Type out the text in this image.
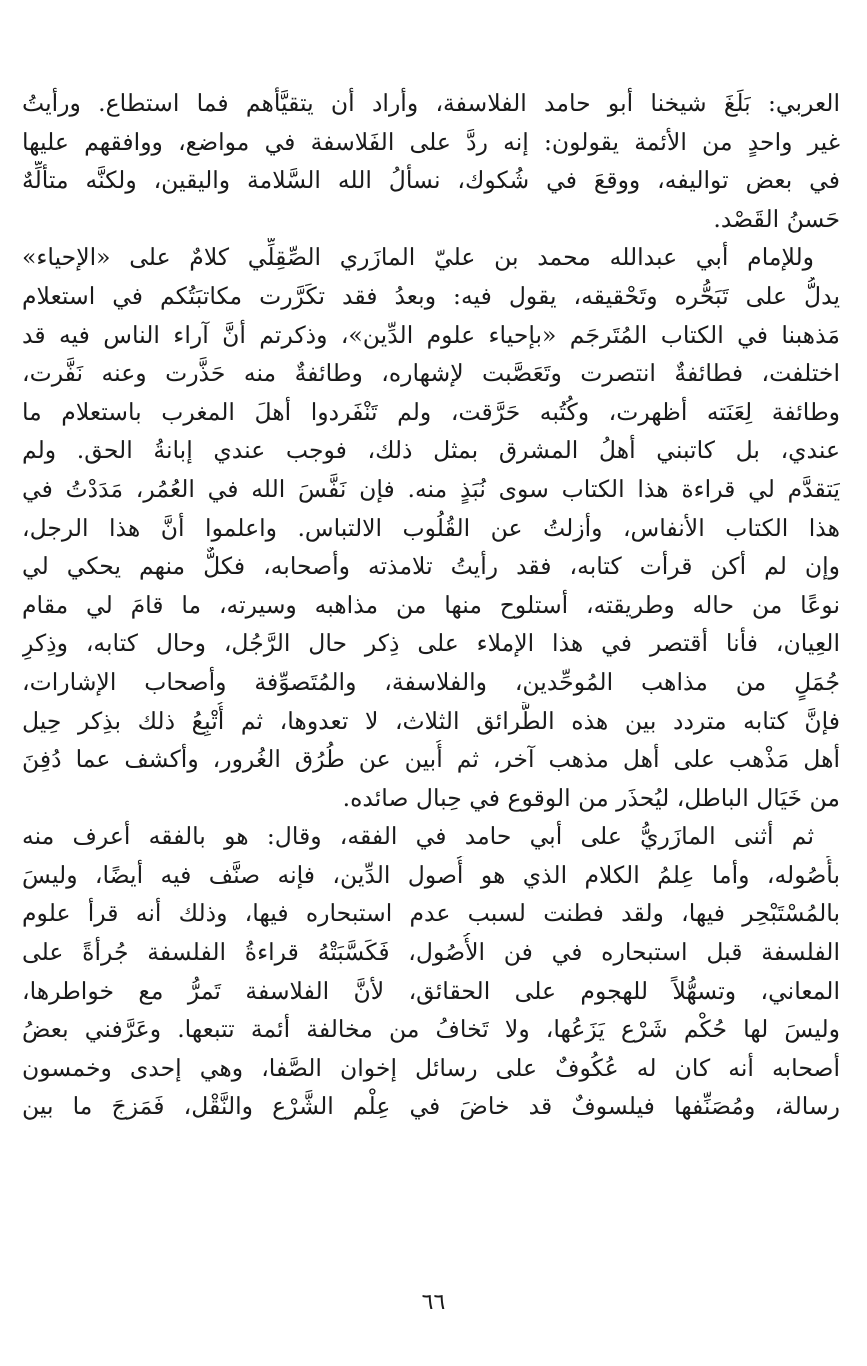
العربي: بَلَغَ شيخنا أبو حامد الفلاسفة، وأراد أن يتقيَّأهم فما استطاع. ورأيتُ
غير واحدٍ من الأئمة يقولون: إنه ردَّ على الفَلاسفة في مواضع، ووافقهم عليها
في بعض تواليفه، ووقعَ في شُكوك، نسألُ الله السَّلامة واليقين، ولكنَّه متألِّهٌ
حَسنُ القَصْد.
وللإمام أبي عبدالله محمد بن عليّ المازَري الصِّقِلِّي كلامٌ على «الإحياء»
يدلُّ على تَبَحُّره وتَحْقيقه، يقول فيه: وبعدُ فقد تكَرَّرت مكاتبَتُكم في استعلام
مَذهبنا في الكتاب المُتَرجَم «بإحياء علوم الدِّين»، وذكرتم أنَّ آراء الناس فيه قد
اختلفت، فطائفةٌ انتصرت وتَعَصَّبت لإشهاره، وطائفةٌ منه حَذَّرت وعنه نَفَّرت،
وطائفة لِعَنَته أظهرت، وكُتُبه حَرَّقت، ولم تَنْفَردوا أهلَ المغرب باستعلام ما
عندي، بل كاتبني أهلُ المشرق بمثل ذلك، فوجب عندي إبانةُ الحق. ولم
يَتقدَّم لي قراءة هذا الكتاب سوى نُبَذٍ منه. فإن نَفَّسَ الله في العُمُر، مَدَدْتُ في
هذا الكتاب الأنفاس، وأزلتُ عن القُلُوب الالتباس. واعلموا أنَّ هذا الرجل،
وإن لم أكن قرأت كتابه، فقد رأيتُ تلامذته وأصحابه، فكلٌّ منهم يحكي لي
نوعًا من حاله وطريقته، أستلوح منها من مذاهبه وسيرته، ما قامَ لي مقام
العِيان، فأنا أقتصر في هذا الإملاء على ذِكر حال الرَّجُل، وحال كتابه، وذِكرِ
جُمَلٍ من مذاهب المُوحِّدين، والفلاسفة، والمُتَصوِّفة وأصحاب الإشارات،
فإنَّ كتابه متردد بين هذه الطَّرائق الثلاث، لا تعدوها، ثم أُتْبِعُ ذلك بذِكر حِيل
أهل مَذْهب على أهل مذهب آخر، ثم أُبين عن طُرُق الغُرور، وأكشف عما دُفِنَ
من خَيَال الباطل، ليُحذَر من الوقوع في حِبال صائده.
ثم أثنى المازَريُّ على أبي حامد في الفقه، وقال: هو بالفقه أعرف منه
بأُصُوله، وأما عِلمُ الكلام الذي هو أُصول الدِّين، فإنه صنَّف فيه أيضًا، وليسَ
بالمُسْتَبْحِر فيها، ولقد فطنت لسبب عدم استبحاره فيها، وذلك أنه قرأ علوم
الفلسفة قبل استبحاره في فن الأُصُول، فَكَسَّبَتْهُ قراءةُ الفلسفة جُرأةً على
المعاني، وتسهُّلاً للهجوم على الحقائق، لأنَّ الفلاسفة تَمرُّ مع خواطرها،
وليسَ لها حُكْم شَرْع يَزَعُها، ولا تَخافُ من مخالفة أئمة تتبعها. وعَرَّفني بعضُ
أصحابه أنه كان له عُكُوفٌ على رسائل إخوان الصَّفا، وهي إحدى وخمسون
رسالة، ومُصَنِّفها فيلسوفٌ قد خاضَ في عِلْم الشَّرْع والنَّقْل، فَمَزجَ ما بين
٦٦
